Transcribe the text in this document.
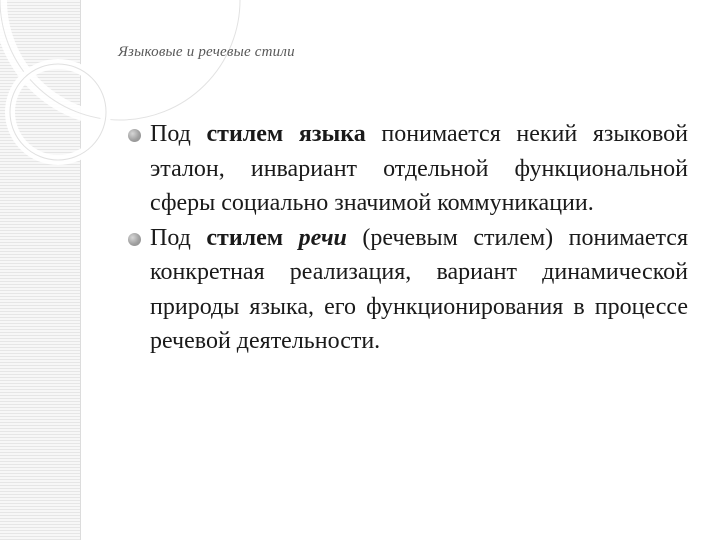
Языковые и речевые стили

Под стилем языка понимается некий языковой эталон, инвариант отдельной функциональной сферы социально значимой коммуникации.

Под стилем речи (речевым стилем) понимается конкретная реализация, вариант динамической природы языка, его функционирования в процессе речевой деятельности.
